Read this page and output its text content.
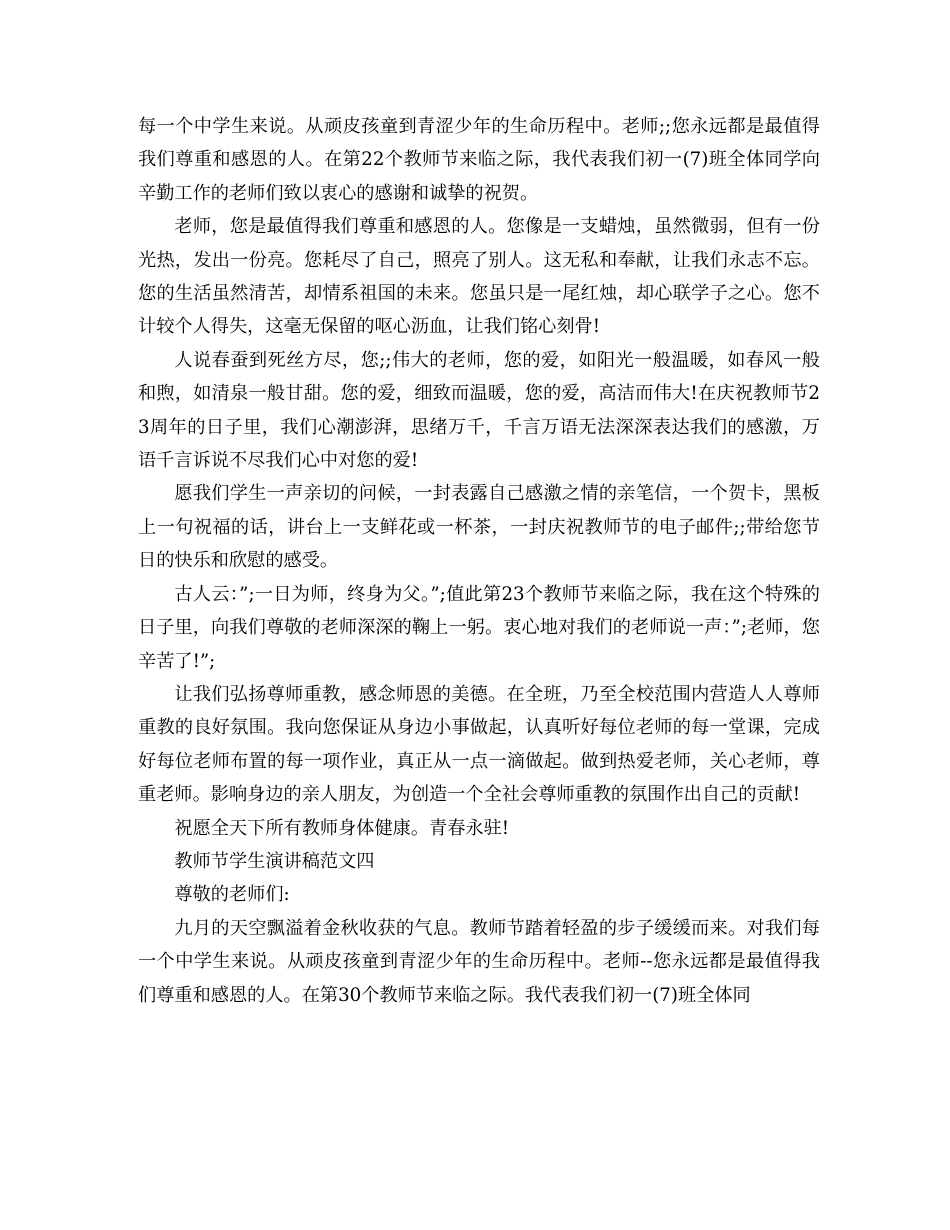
每一个中学生来说。从顽皮孩童到青涩少年的生命历程中。老师;;您永远都是最值得我们尊重和感恩的人。在第22个教师节来临之际，我代表我们初一(7)班全体同学向辛勤工作的老师们致以衷心的感谢和诚挚的祝贺。

老师，您是最值得我们尊重和感恩的人。您像是一支蜡烛，虽然微弱，但有一份光热，发出一份亮。您耗尽了自己，照亮了别人。这无私和奉献，让我们永志不忘。您的生活虽然清苦，却情系祖国的未来。您虽只是一尾红烛，却心联学子之心。您不计较个人得失，这毫无保留的呕心沥血，让我们铭心刻骨!

人说春蚕到死丝方尽，您;;伟大的老师，您的爱，如阳光一般温暖，如春风一般和煦，如清泉一般甘甜。您的爱，细致而温暖，您的爱，高洁而伟大!在庆祝教师节23周年的日子里，我们心潮澎湃，思绪万千，千言万语无法深深表达我们的感激，万语千言诉说不尽我们心中对您的爱!

愿我们学生一声亲切的问候，一封表露自己感激之情的亲笔信，一个贺卡，黑板上一句祝福的话，讲台上一支鲜花或一杯茶，一封庆祝教师节的电子邮件;;带给您节日的快乐和欣慰的感受。

古人云：”;一日为师，终身为父。”;值此第23个教师节来临之际，我在这个特殊的日子里，向我们尊敬的老师深深的鞠上一躬。衷心地对我们的老师说一声：”;老师，您辛苦了!”;

让我们弘扬尊师重教，感念师恩的美德。在全班，乃至全校范围内营造人人尊师重教的良好氛围。我向您保证从身边小事做起，认真听好每位老师的每一堂课，完成好每位老师布置的每一项作业，真正从一点一滴做起。做到热爱老师，关心老师，尊重老师。影响身边的亲人朋友，为创造一个全社会尊师重教的氛围作出自己的贡献!

祝愿全天下所有教师身体健康。青春永驻!

教师节学生演讲稿范文四

尊敬的老师们:

九月的天空飘溢着金秋收获的气息。教师节踏着轻盈的步子缓缓而来。对我们每一个中学生来说。从顽皮孩童到青涩少年的生命历程中。老师--您永远都是最值得我们尊重和感恩的人。在第30个教师节来临之际。我代表我们初一(7)班全体同
